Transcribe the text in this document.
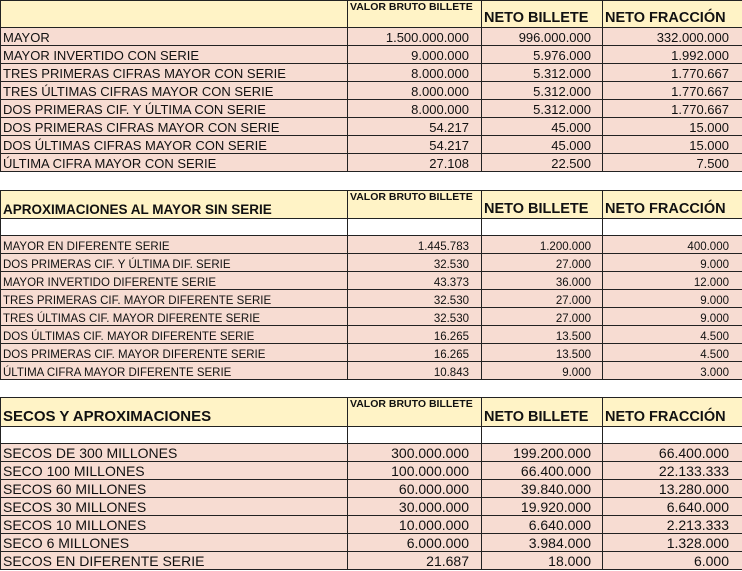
	VALOR BRUTO BILLETE	NETO BILLETE	NETO FRACCIÓN
MAYOR	1.500.000.000	996.000.000	332.000.000
MAYOR INVERTIDO CON SERIE	9.000.000	5.976.000	1.992.000
TRES PRIMERAS CIFRAS MAYOR CON SERIE	8.000.000	5.312.000	1.770.667
TRES ÚLTIMAS CIFRAS MAYOR CON SERIE	8.000.000	5.312.000	1.770.667
DOS PRIMERAS CIF. Y ÚLTIMA CON SERIE	8.000.000	5.312.000	1.770.667
DOS PRIMERAS CIFRAS MAYOR CON SERIE	54.217	45.000	15.000
DOS ÚLTIMAS CIFRAS MAYOR CON SERIE	54.217	45.000	15.000
ÚLTIMA CIFRA MAYOR CON SERIE	27.108	22.500	7.500
APROXIMACIONES AL MAYOR SIN SERIE	VALOR BRUTO BILLETE	NETO BILLETE	NETO FRACCIÓN

MAYOR EN DIFERENTE SERIE	1.445.783	1.200.000	400.000
DOS PRIMERAS CIF. Y ÚLTIMA DIF. SERIE	32.530	27.000	9.000
MAYOR INVERTIDO DIFERENTE SERIE	43.373	36.000	12.000
TRES PRIMERAS CIF. MAYOR DIFERENTE SERIE	32.530	27.000	9.000
TRES ÚLTIMAS CIF. MAYOR DIFERENTE SERIE	32.530	27.000	9.000
DOS ÚLTIMAS CIF. MAYOR DIFERENTE SERIE	16.265	13.500	4.500
DOS PRIMERAS CIF. MAYOR DIFERENTE SERIE	16.265	13.500	4.500
ÚLTIMA CIFRA MAYOR DIFERENTE SERIE	10.843	9.000	3.000
SECOS Y APROXIMACIONES	VALOR BRUTO BILLETE	NETO BILLETE	NETO FRACCIÓN

SECOS DE 300 MILLONES	300.000.000	199.200.000	66.400.000
SECO 100 MILLONES	100.000.000	66.400.000	22.133.333
SECOS 60 MILLONES	60.000.000	39.840.000	13.280.000
SECOS 30 MILLONES	30.000.000	19.920.000	6.640.000
SECOS 10 MILLONES	10.000.000	6.640.000	2.213.333
SECO 6 MILLONES	6.000.000	3.984.000	1.328.000
SECOS EN DIFERENTE SERIE	21.687	18.000	6.000
